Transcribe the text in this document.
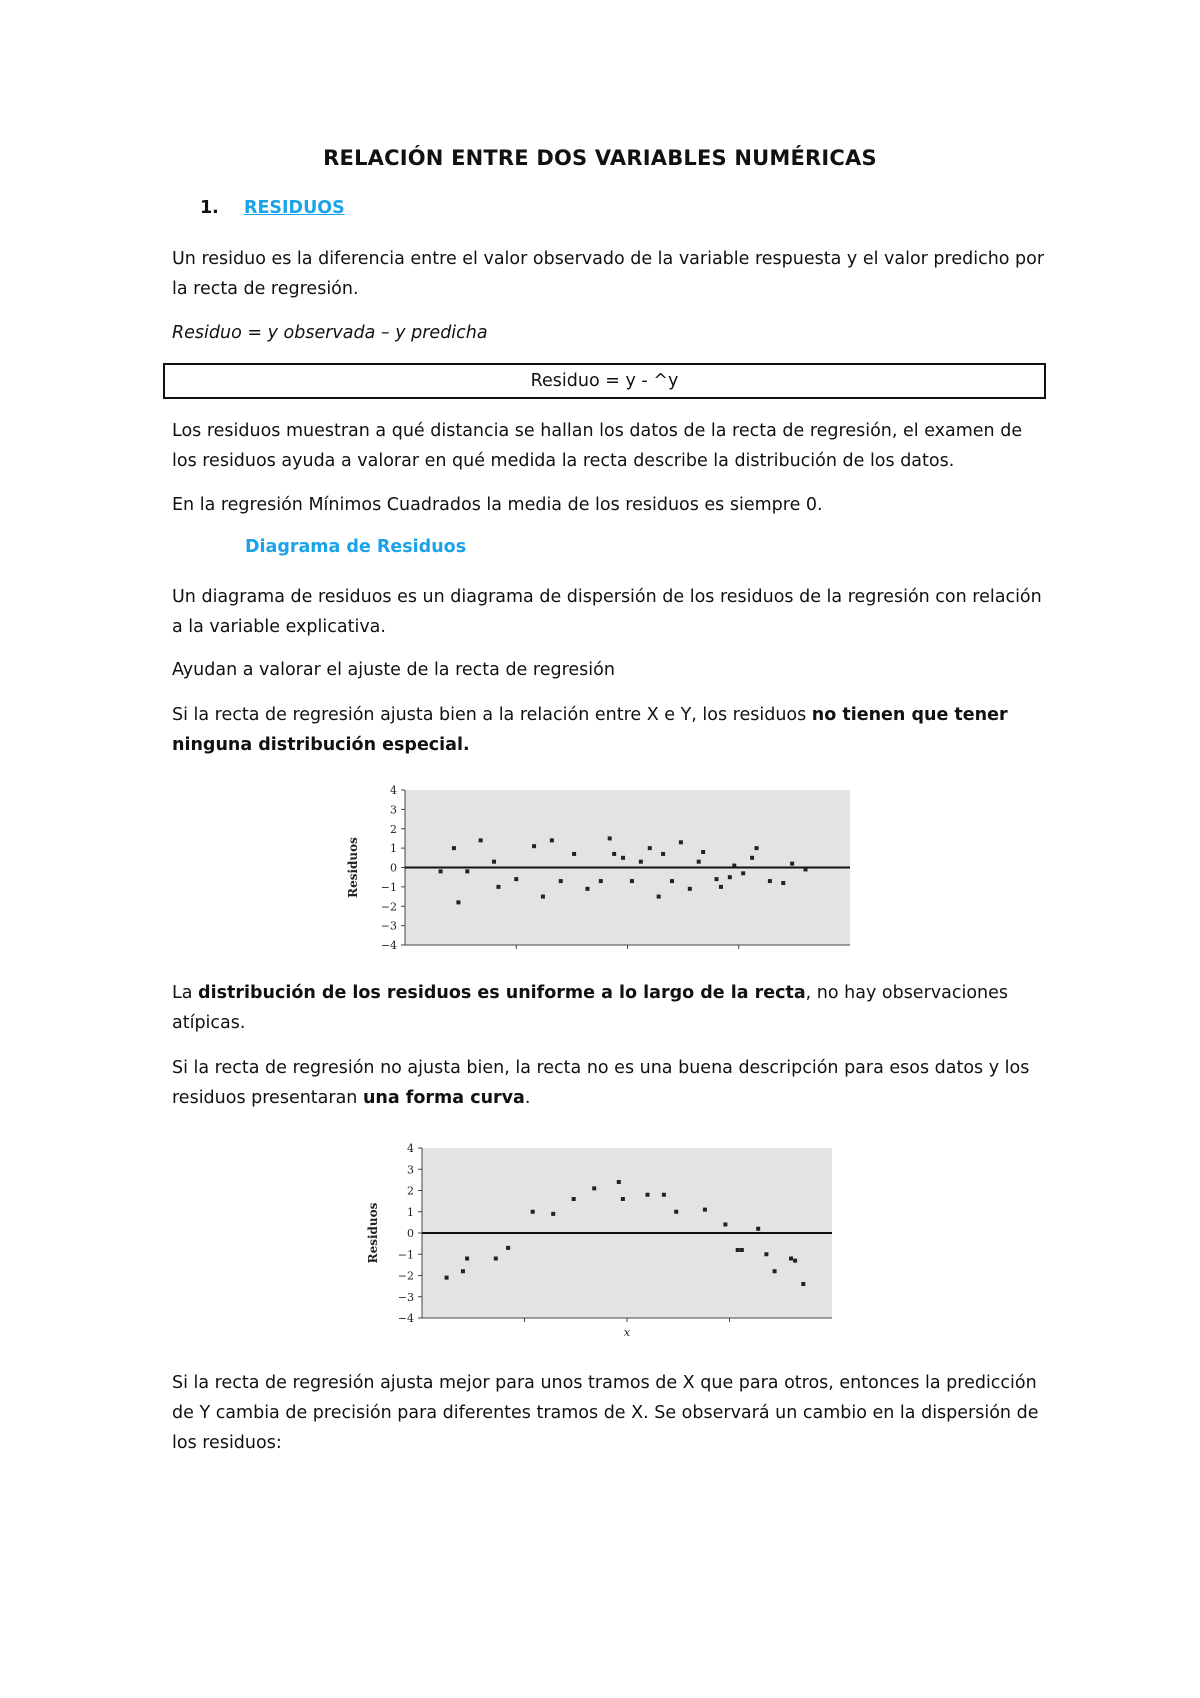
RELACIÓN ENTRE DOS VARIABLES NUMÉRICAS
1. RESIDUOS

Un residuo es la diferencia entre el valor observado de la variable respuesta y el valor predicho por la recta de regresión.

Residuo = y observada – y predicha

Residuo = y - ^y

Los residuos muestran a qué distancia se hallan los datos de la recta de regresión, el examen de los residuos ayuda a valorar en qué medida la recta describe la distribución de los datos.

En la regresión Mínimos Cuadrados la media de los residuos es siempre 0.

Diagrama de Residuos

Un diagrama de residuos es un diagrama de dispersión de los residuos de la regresión con relación a la variable explicativa.

Ayudan a valorar el ajuste de la recta de regresión

Si la recta de regresión ajusta bien a la relación entre X e Y, los residuos no tienen que tener ninguna distribución especial.

4
3
2
1
0
−1
−2
−3
−4
Residuos

La distribución de los residuos es uniforme a lo largo de la recta, no hay observaciones atípicas.

Si la recta de regresión no ajusta bien, la recta no es una buena descripción para esos datos y los residuos presentaran una forma curva.

4
3
2
1
0
−1
−2
−3
−4
Residuos
x

Si la recta de regresión ajusta mejor para unos tramos de X que para otros, entonces la predicción de Y cambia de precisión para diferentes tramos de X. Se observará un cambio en la dispersión de los residuos:
